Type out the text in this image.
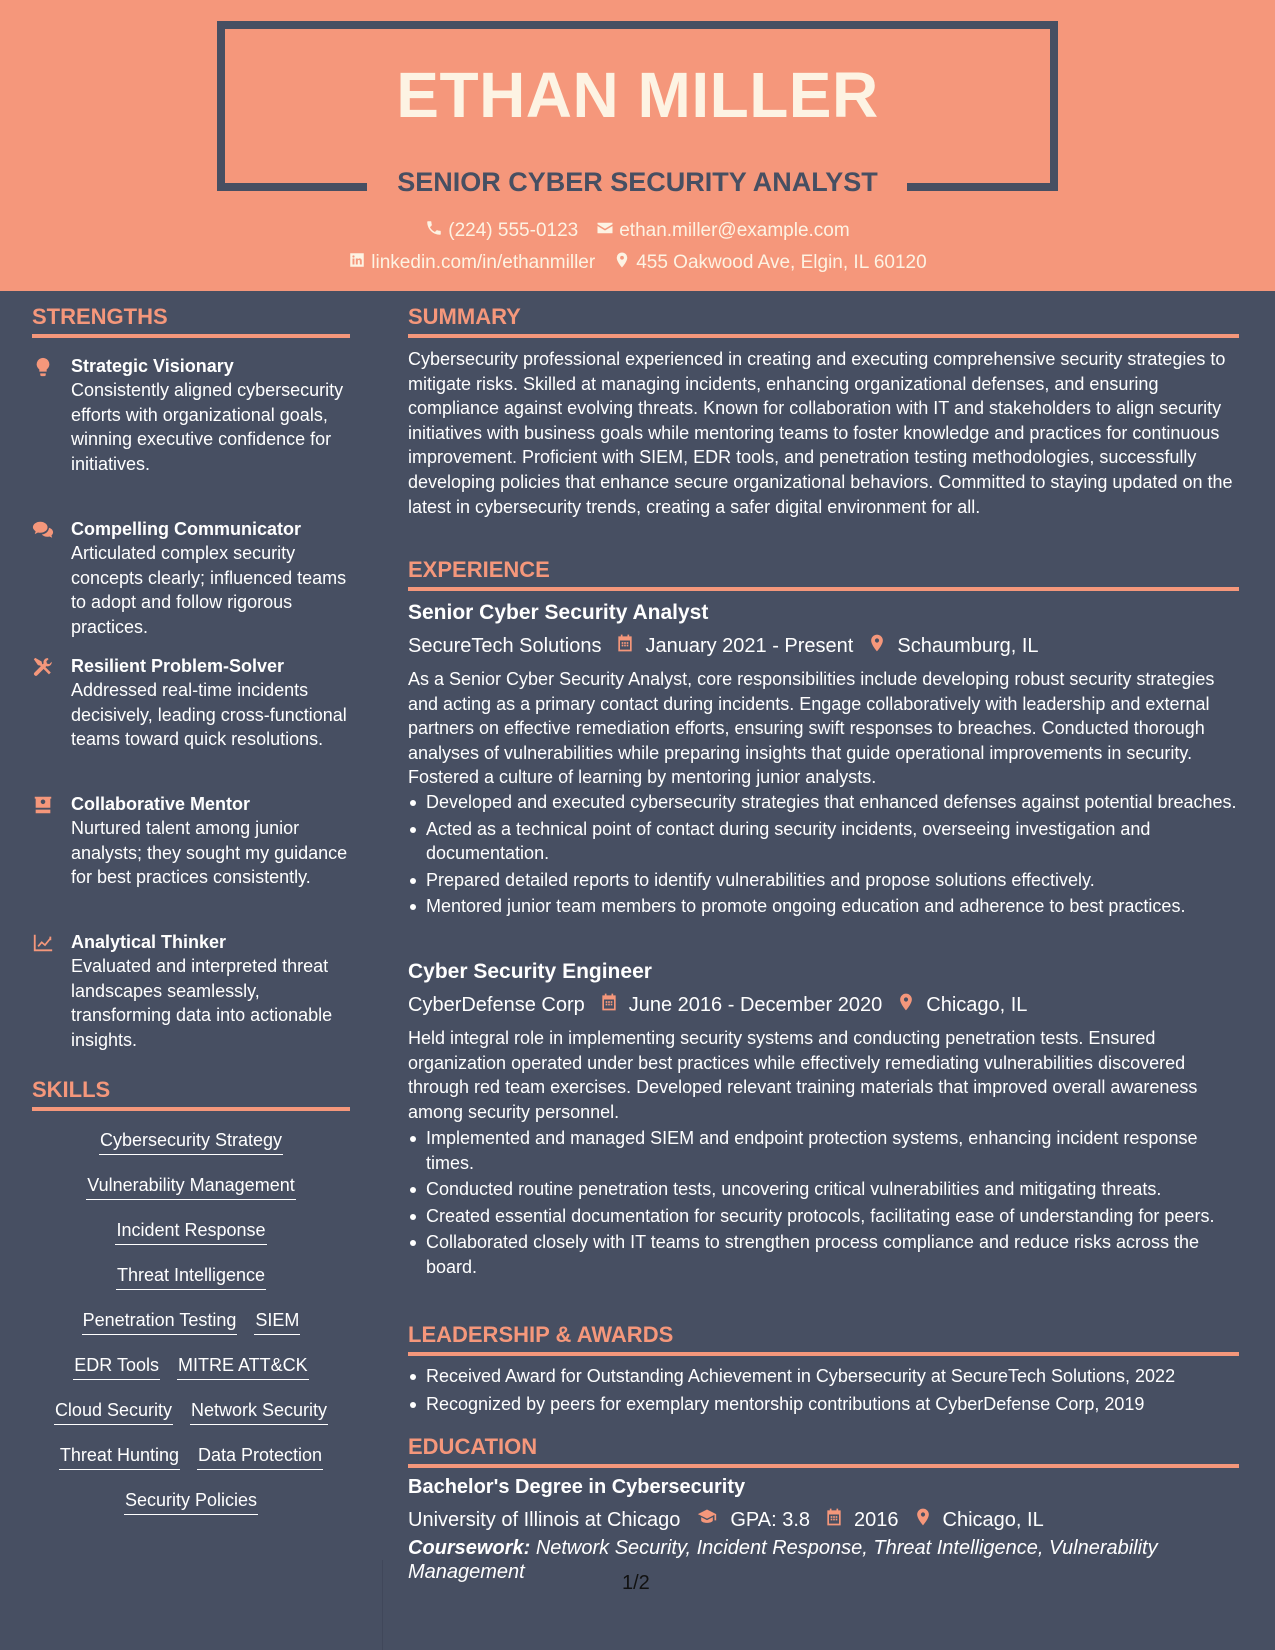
ETHAN MILLER
SENIOR CYBER SECURITY ANALYST
(224) 555-0123 ethan.miller@example.com
linkedin.com/in/ethanmiller 455 Oakwood Ave, Elgin, IL 60120
STRENGTHS
Strategic Visionary
Consistently aligned cybersecurity efforts with organizational goals, winning executive confidence for initiatives.
Compelling Communicator
Articulated complex security concepts clearly; influenced teams to adopt and follow rigorous practices.
Resilient Problem-Solver
Addressed real-time incidents decisively, leading cross-functional teams toward quick resolutions.
Collaborative Mentor
Nurtured talent among junior analysts; they sought my guidance for best practices consistently.
Analytical Thinker
Evaluated and interpreted threat landscapes seamlessly, transforming data into actionable insights.
SKILLS
Cybersecurity Strategy
Vulnerability Management
Incident Response
Threat Intelligence
Penetration Testing SIEM
EDR Tools MITRE ATT&CK
Cloud Security Network Security
Threat Hunting Data Protection
Security Policies
SUMMARY
Cybersecurity professional experienced in creating and executing comprehensive security strategies to mitigate risks. Skilled at managing incidents, enhancing organizational defenses, and ensuring compliance against evolving threats. Known for collaboration with IT and stakeholders to align security initiatives with business goals while mentoring teams to foster knowledge and practices for continuous improvement. Proficient with SIEM, EDR tools, and penetration testing methodologies, successfully developing policies that enhance secure organizational behaviors. Committed to staying updated on the latest in cybersecurity trends, creating a safer digital environment for all.
EXPERIENCE
Senior Cyber Security Analyst
SecureTech Solutions January 2021 - Present Schaumburg, IL
As a Senior Cyber Security Analyst, core responsibilities include developing robust security strategies and acting as a primary contact during incidents. Engage collaboratively with leadership and external partners on effective remediation efforts, ensuring swift responses to breaches. Conducted thorough analyses of vulnerabilities while preparing insights that guide operational improvements in security. Fostered a culture of learning by mentoring junior analysts.
Developed and executed cybersecurity strategies that enhanced defenses against potential breaches.
Acted as a technical point of contact during security incidents, overseeing investigation and documentation.
Prepared detailed reports to identify vulnerabilities and propose solutions effectively.
Mentored junior team members to promote ongoing education and adherence to best practices.
Cyber Security Engineer
CyberDefense Corp June 2016 - December 2020 Chicago, IL
Held integral role in implementing security systems and conducting penetration tests. Ensured organization operated under best practices while effectively remediating vulnerabilities discovered through red team exercises. Developed relevant training materials that improved overall awareness among security personnel.
Implemented and managed SIEM and endpoint protection systems, enhancing incident response times.
Conducted routine penetration tests, uncovering critical vulnerabilities and mitigating threats.
Created essential documentation for security protocols, facilitating ease of understanding for peers.
Collaborated closely with IT teams to strengthen process compliance and reduce risks across the board.
LEADERSHIP & AWARDS
Received Award for Outstanding Achievement in Cybersecurity at SecureTech Solutions, 2022
Recognized by peers for exemplary mentorship contributions at CyberDefense Corp, 2019
EDUCATION
Bachelor's Degree in Cybersecurity
University of Illinois at Chicago	GPA: 3.8 2016 Chicago, IL
Coursework: Network Security, Incident Response, Threat Intelligence, Vulnerability Management	1/2
